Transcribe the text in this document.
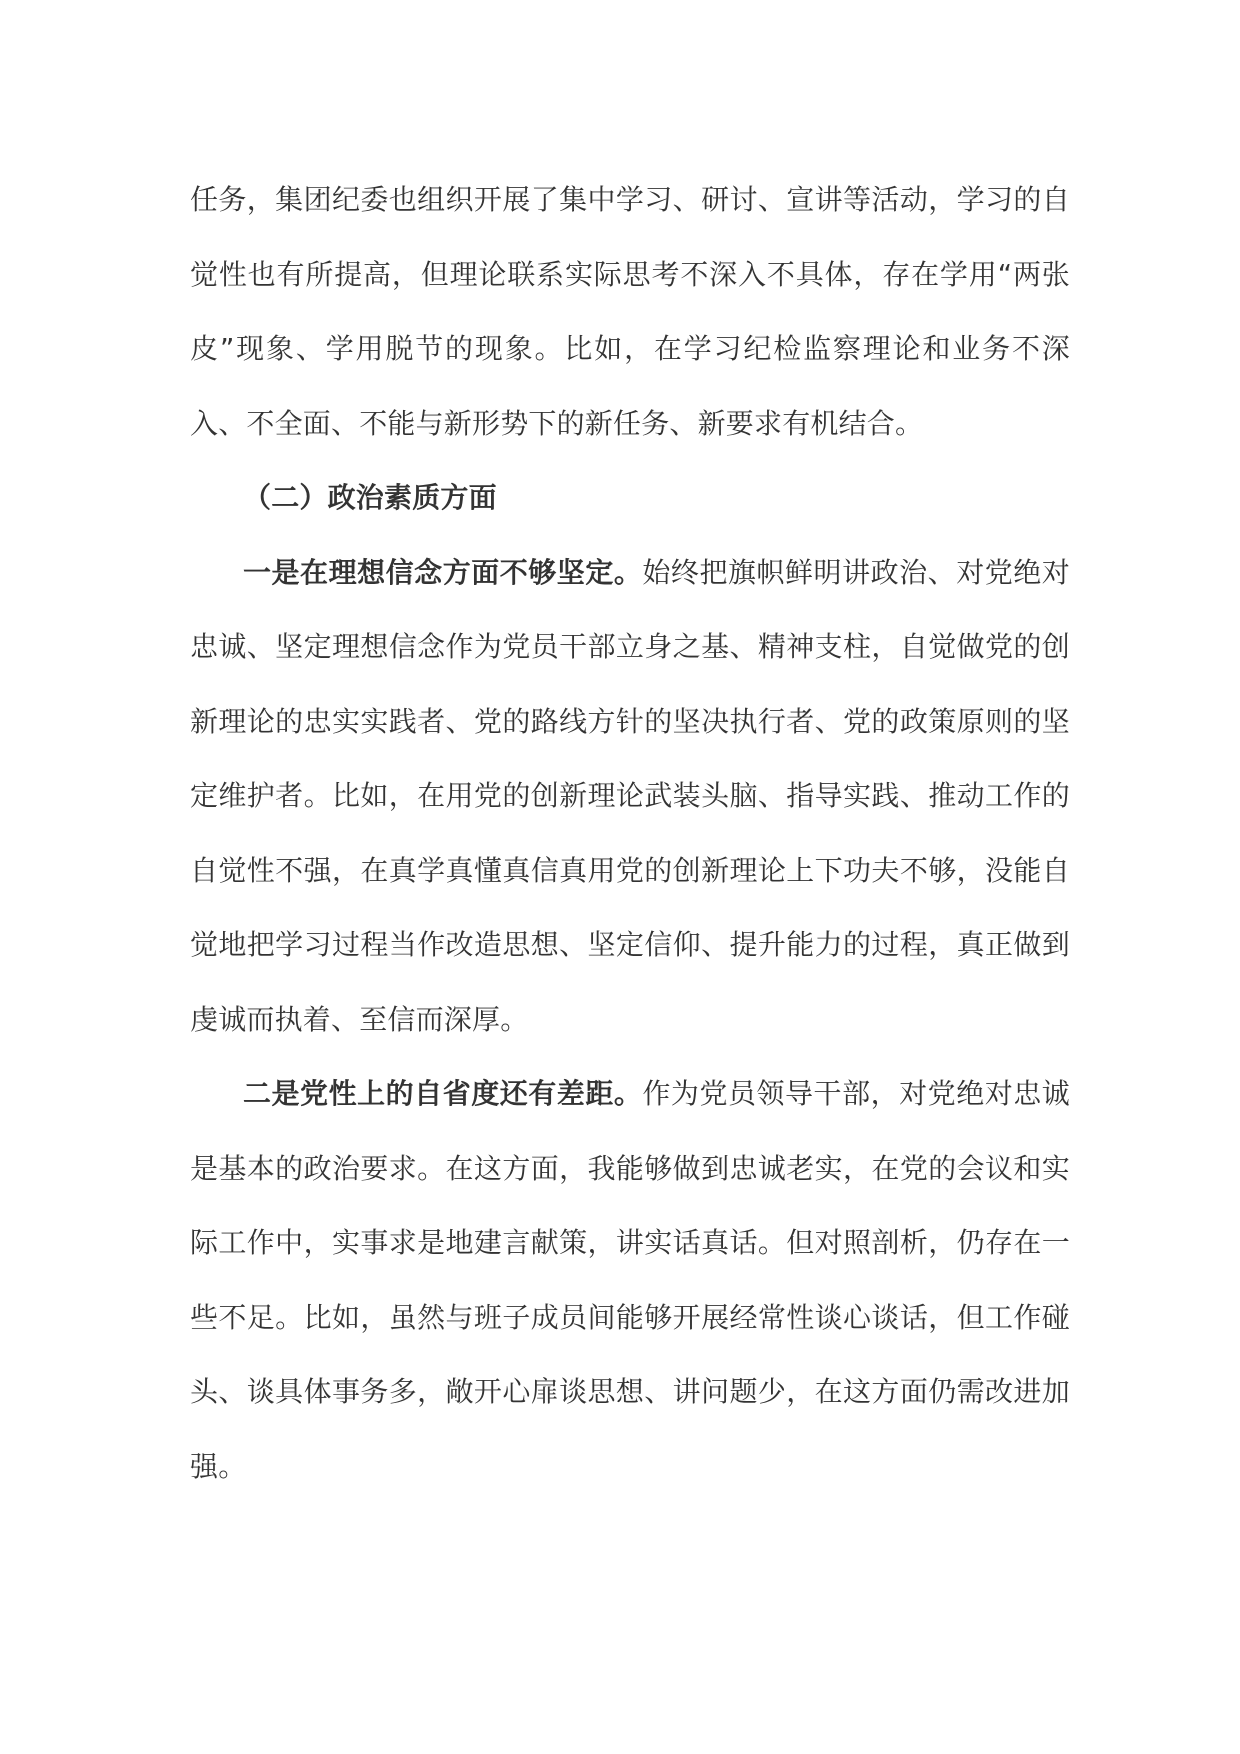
任务，集团纪委也组织开展了集中学习、研讨、宣讲等活动，学习的自觉性也有所提高，但理论联系实际思考不深入不具体，存在学用“两张皮”现象、学用脱节的现象。比如，在学习纪检监察理论和业务不深入、不全面、不能与新形势下的新任务、新要求有机结合。

（二）政治素质方面

一是在理想信念方面不够坚定。始终把旗帜鲜明讲政治、对党绝对忠诚、坚定理想信念作为党员干部立身之基、精神支柱，自觉做党的创新理论的忠实实践者、党的路线方针的坚决执行者、党的政策原则的坚定维护者。比如，在用党的创新理论武装头脑、指导实践、推动工作的自觉性不强，在真学真懂真信真用党的创新理论上下功夫不够，没能自觉地把学习过程当作改造思想、坚定信仰、提升能力的过程，真正做到虔诚而执着、至信而深厚。

二是党性上的自省度还有差距。作为党员领导干部，对党绝对忠诚是基本的政治要求。在这方面，我能够做到忠诚老实，在党的会议和实际工作中，实事求是地建言献策，讲实话真话。但对照剖析，仍存在一些不足。比如，虽然与班子成员间能够开展经常性谈心谈话，但工作碰头、谈具体事务多，敞开心扉谈思想、讲问题少，在这方面仍需改进加强。
